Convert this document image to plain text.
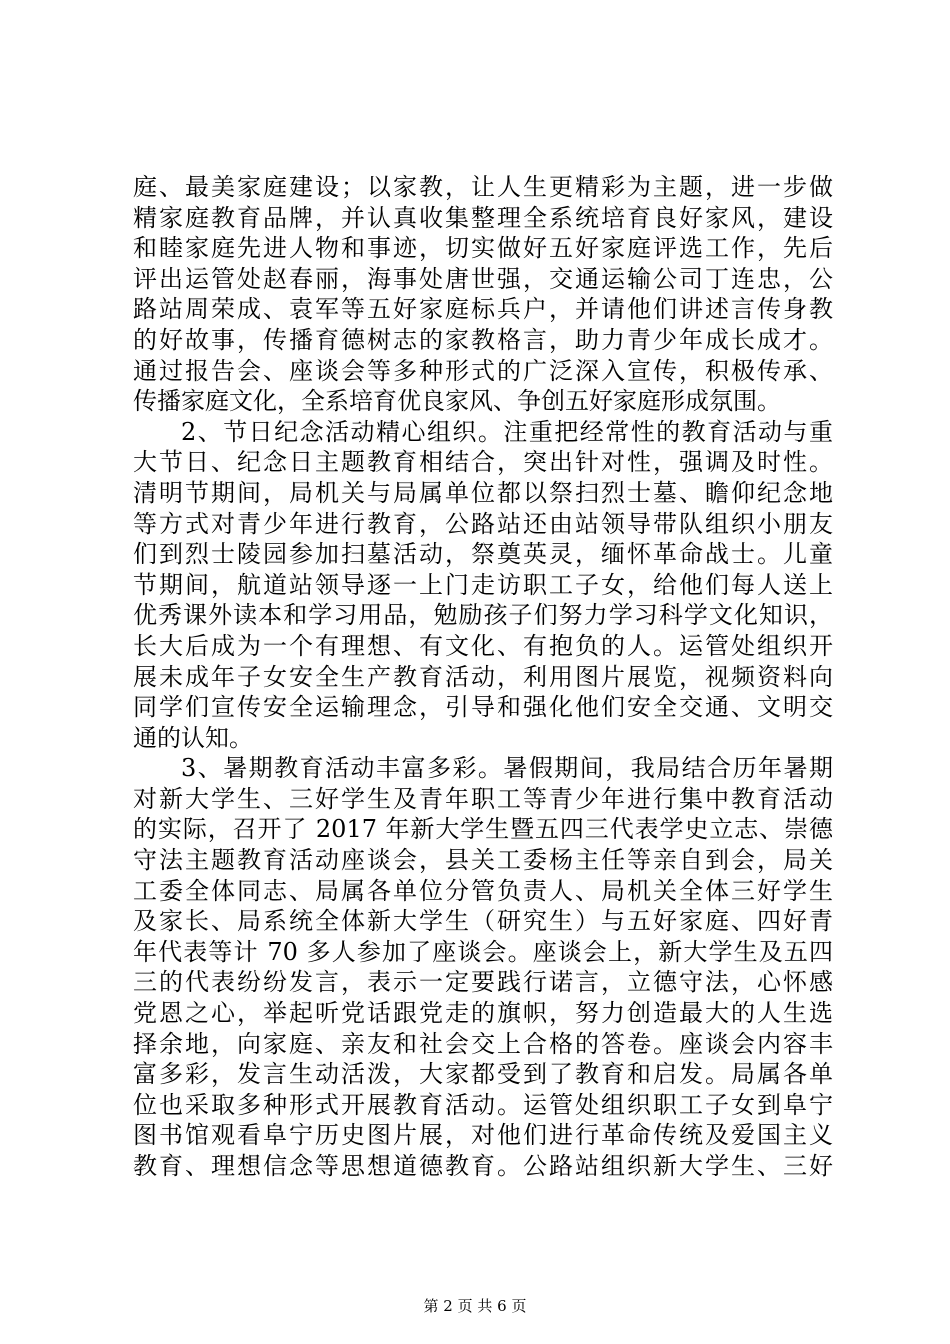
庭、最美家庭建设；以家教，让人生更精彩为主题，进一步做
精家庭教育品牌，并认真收集整理全系统培育良好家风，建设
和睦家庭先进人物和事迹，切实做好五好家庭评选工作，先后
评出运管处赵春丽，海事处唐世强，交通运输公司丁连忠，公
路站周荣成、袁军等五好家庭标兵户，并请他们讲述言传身教
的好故事，传播育德树志的家教格言，助力青少年成长成才。
通过报告会、座谈会等多种形式的广泛深入宣传，积极传承、
传播家庭文化，全系培育优良家风、争创五好家庭形成氛围。
2、节日纪念活动精心组织。注重把经常性的教育活动与重
大节日、纪念日主题教育相结合，突出针对性，强调及时性。
清明节期间，局机关与局属单位都以祭扫烈士墓、瞻仰纪念地
等方式对青少年进行教育，公路站还由站领导带队组织小朋友
们到烈士陵园参加扫墓活动，祭奠英灵，缅怀革命战士。儿童
节期间，航道站领导逐一上门走访职工子女，给他们每人送上
优秀课外读本和学习用品，勉励孩子们努力学习科学文化知识，
长大后成为一个有理想、有文化、有抱负的人。运管处组织开
展未成年子女安全生产教育活动，利用图片展览，视频资料向
同学们宣传安全运输理念，引导和强化他们安全交通、文明交
通的认知。
3、暑期教育活动丰富多彩。暑假期间，我局结合历年暑期
对新大学生、三好学生及青年职工等青少年进行集中教育活动
的实际，召开了 2017 年新大学生暨五四三代表学史立志、崇德
守法主题教育活动座谈会，县关工委杨主任等亲自到会，局关
工委全体同志、局属各单位分管负责人、局机关全体三好学生
及家长、局系统全体新大学生（研究生）与五好家庭、四好青
年代表等计 70 多人参加了座谈会。座谈会上，新大学生及五四
三的代表纷纷发言，表示一定要践行诺言，立德守法，心怀感
党恩之心，举起听党话跟党走的旗帜，努力创造最大的人生选
择余地，向家庭、亲友和社会交上合格的答卷。座谈会内容丰
富多彩，发言生动活泼，大家都受到了教育和启发。局属各单
位也采取多种形式开展教育活动。运管处组织职工子女到阜宁
图书馆观看阜宁历史图片展，对他们进行革命传统及爱国主义
教育、理想信念等思想道德教育。公路站组织新大学生、三好
第 2 页 共 6 页
